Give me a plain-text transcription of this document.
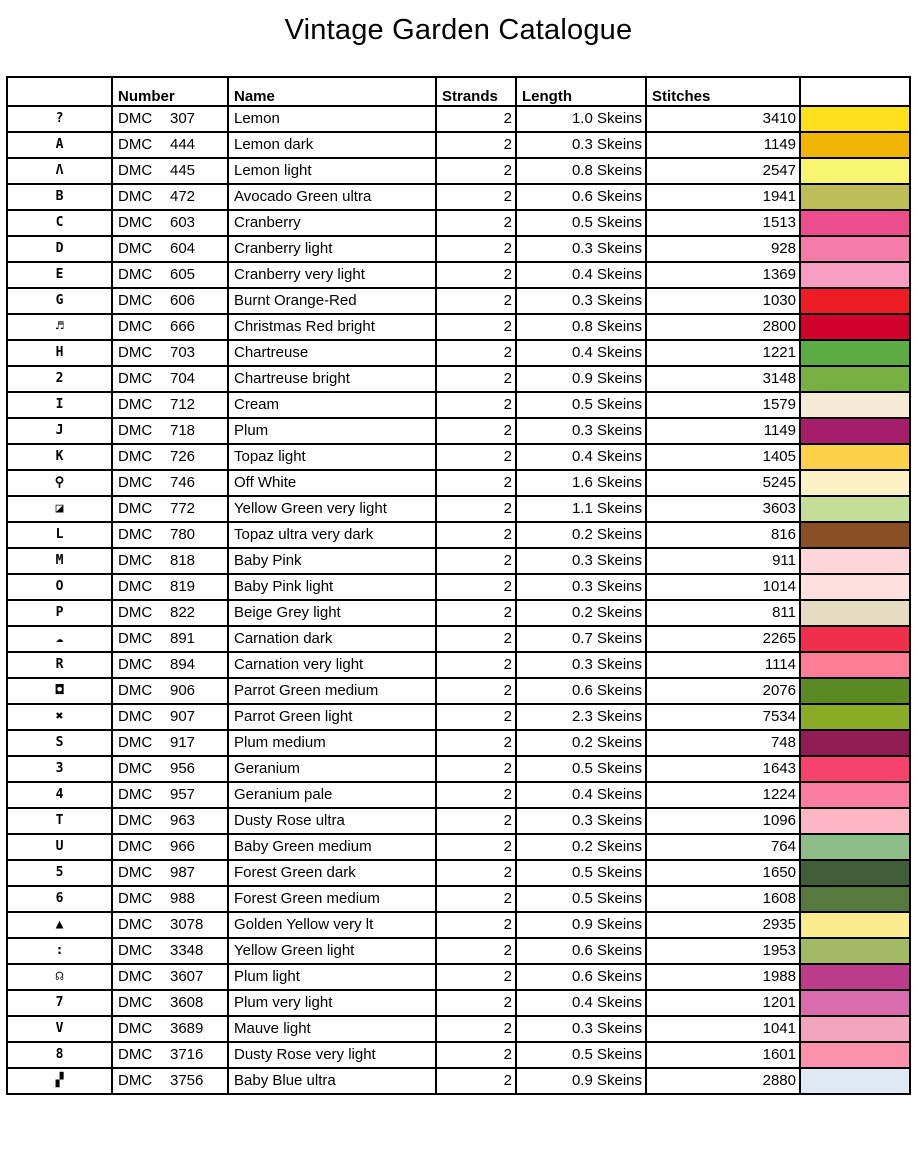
Vintage Garden Catalogue
	Number	Name	Strands	Length	Stitches	
?	DMC 307	Lemon	2	1.0 Skeins	3410	

A	DMC 444	Lemon dark	2	0.3 Skeins	1149	

Λ	DMC 445	Lemon light	2	0.8 Skeins	2547	

B	DMC 472	Avocado Green ultra	2	0.6 Skeins	1941	

C	DMC 603	Cranberry	2	0.5 Skeins	1513	

D	DMC 604	Cranberry light	2	0.3 Skeins	928	

E	DMC 605	Cranberry very light	2	0.4 Skeins	1369	

G	DMC 606	Burnt Orange-Red	2	0.3 Skeins	1030	

♬	DMC 666	Christmas Red bright	2	0.8 Skeins	2800	

H	DMC 703	Chartreuse	2	0.4 Skeins	1221	

2	DMC 704	Chartreuse bright	2	0.9 Skeins	3148	

I	DMC 712	Cream	2	0.5 Skeins	1579	

J	DMC 718	Plum	2	0.3 Skeins	1149	

K	DMC 726	Topaz light	2	0.4 Skeins	1405	

⚲	DMC 746	Off White	2	1.6 Skeins	5245	

◪	DMC 772	Yellow Green very light	2	1.1 Skeins	3603	

L	DMC 780	Topaz ultra very dark	2	0.2 Skeins	816	

M	DMC 818	Baby Pink	2	0.3 Skeins	911	

O	DMC 819	Baby Pink light	2	0.3 Skeins	1014	

P	DMC 822	Beige Grey light	2	0.2 Skeins	811	

☁	DMC 891	Carnation dark	2	0.7 Skeins	2265	

R	DMC 894	Carnation very light	2	0.3 Skeins	1114	

◘	DMC 906	Parrot Green medium	2	0.6 Skeins	2076	

✖	DMC 907	Parrot Green light	2	2.3 Skeins	7534	

S	DMC 917	Plum medium	2	0.2 Skeins	748	

3	DMC 956	Geranium	2	0.5 Skeins	1643	

4	DMC 957	Geranium pale	2	0.4 Skeins	1224	

T	DMC 963	Dusty Rose ultra	2	0.3 Skeins	1096	

U	DMC 966	Baby Green medium	2	0.2 Skeins	764	

5	DMC 987	Forest Green dark	2	0.5 Skeins	1650	

6	DMC 988	Forest Green medium	2	0.5 Skeins	1608	

▲	DMC 3078	Golden Yellow very lt	2	0.9 Skeins	2935	

:	DMC 3348	Yellow Green light	2	0.6 Skeins	1953	

☊	DMC 3607	Plum light	2	0.6 Skeins	1988	

7	DMC 3608	Plum very light	2	0.4 Skeins	1201	

V	DMC 3689	Mauve light	2	0.3 Skeins	1041	

8	DMC 3716	Dusty Rose very light	2	0.5 Skeins	1601	

▞	DMC 3756	Baby Blue ultra	2	0.9 Skeins	2880	
